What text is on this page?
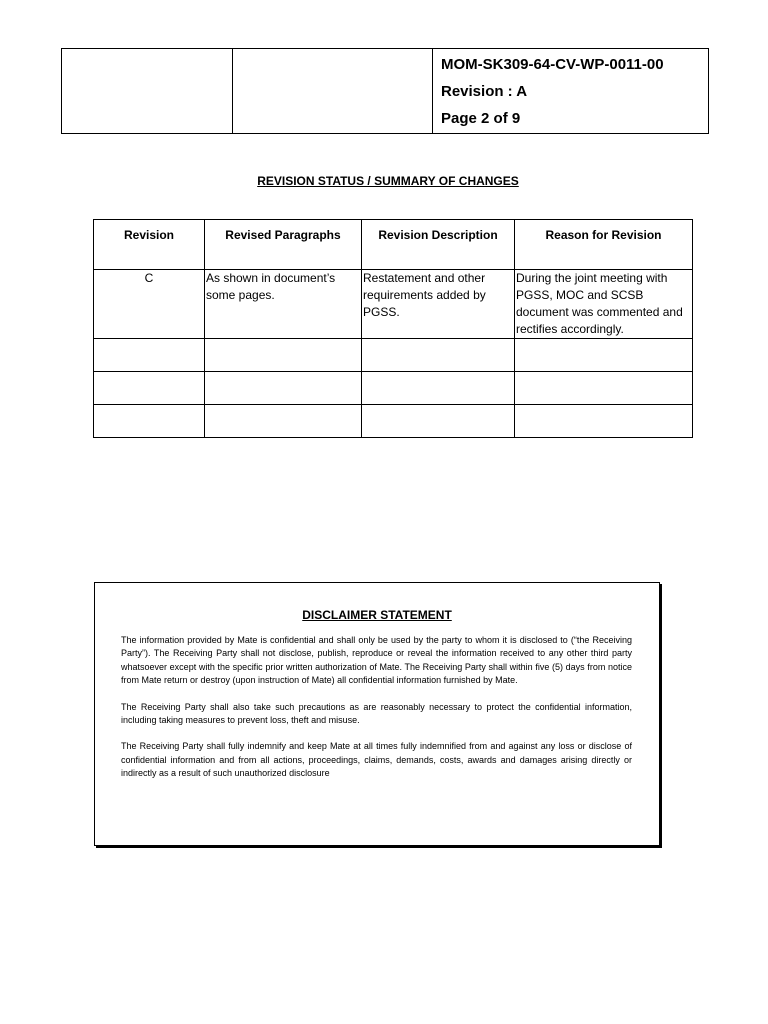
MOM-SK309-64-CV-WP-0011-00
Revision : A
Page 2 of 9
REVISION STATUS / SUMMARY OF CHANGES
Revision	Revised Paragraphs	Revision Description	Reason for Revision
C	As shown in document’s some pages.	Restatement and other requirements added by PGSS.	During the joint meeting with PGSS, MOC and SCSB document was commented and rectifies accordingly.

DISCLAIMER STATEMENT

The information provided by Mate is confidential and shall only be used by the party to whom it is disclosed to (“the Receiving Party”). The Receiving Party shall not disclose, publish, reproduce or reveal the information received to any other third party whatsoever except with the specific prior written authorization of Mate. The Receiving Party shall within five (5) days from notice from Mate return or destroy (upon instruction of Mate) all confidential information furnished by Mate.

The Receiving Party shall also take such precautions as are reasonably necessary to protect the confidential information, including taking measures to prevent loss, theft and misuse.

The Receiving Party shall fully indemnify and keep Mate at all times fully indemnified from and against any loss or disclose of confidential information and from all actions, proceedings, claims, demands, costs, awards and damages arising directly or indirectly as a result of such unauthorized disclosure
